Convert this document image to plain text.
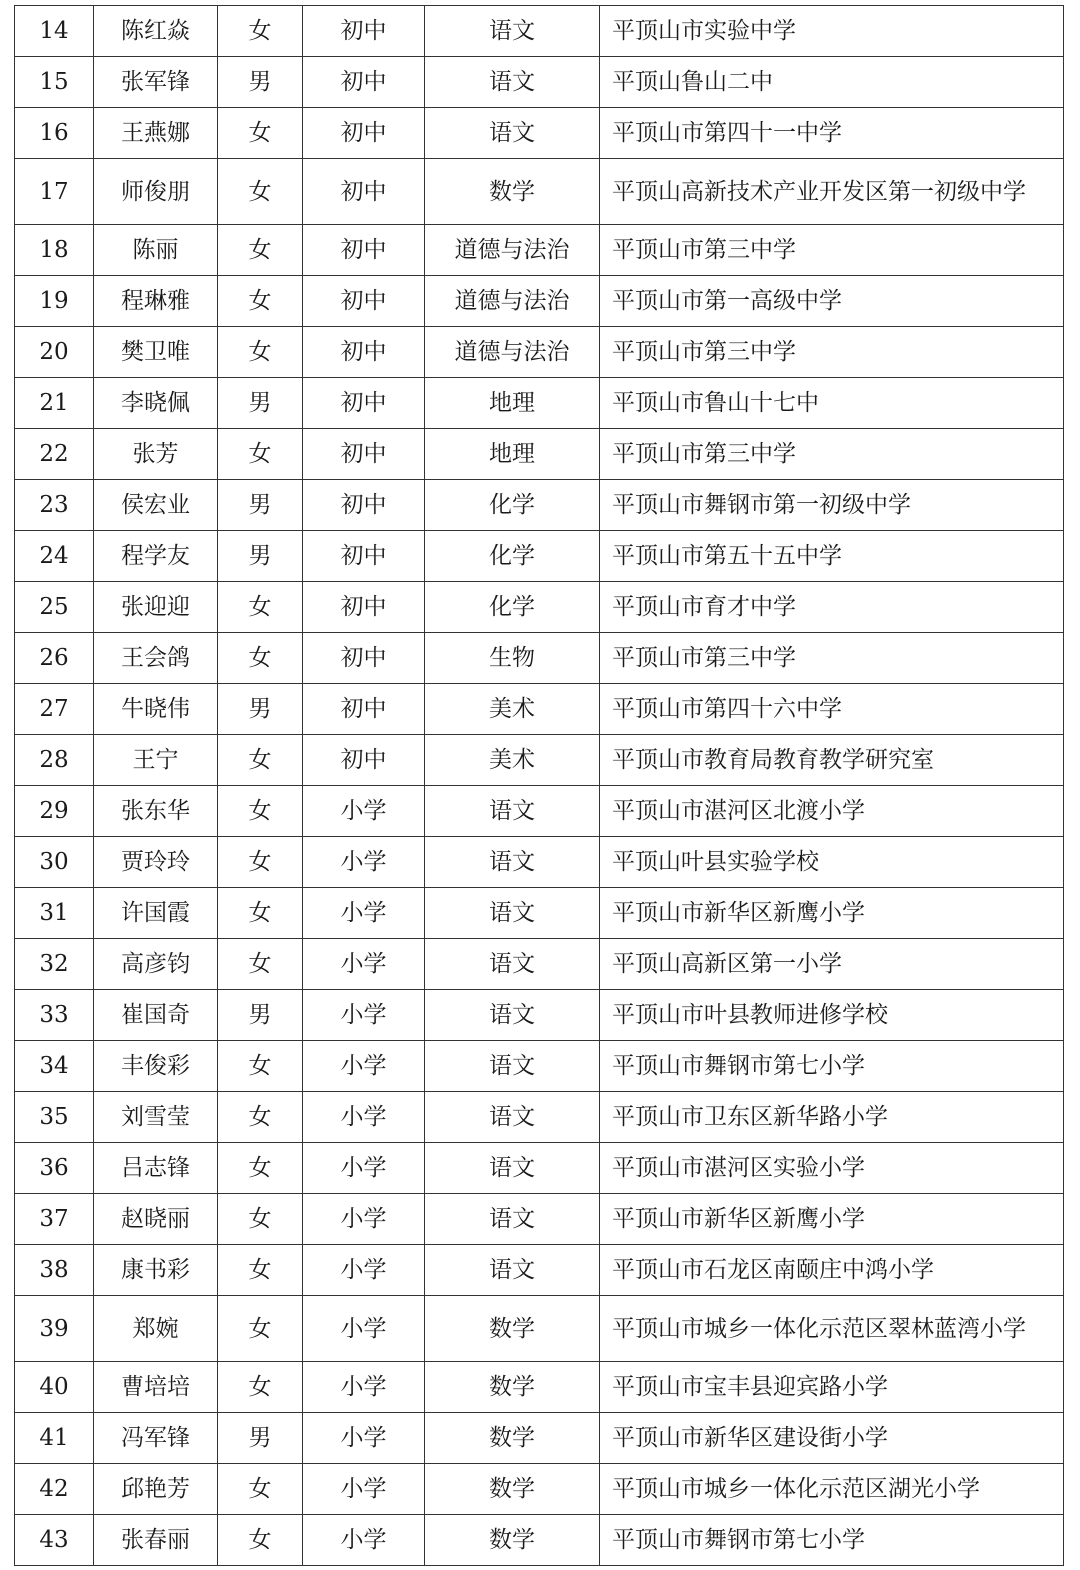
14	陈红焱	女	初中	语文	平顶山市实验中学
15	张军锋	男	初中	语文	平顶山鲁山二中
16	王燕娜	女	初中	语文	平顶山市第四十一中学
17	师俊朋	女	初中	数学	平顶山高新技术产业开发区第一初级中学
18	陈丽	女	初中	道德与法治	平顶山市第三中学
19	程琳雅	女	初中	道德与法治	平顶山市第一高级中学
20	樊卫唯	女	初中	道德与法治	平顶山市第三中学
21	李晓佩	男	初中	地理	平顶山市鲁山十七中
22	张芳	女	初中	地理	平顶山市第三中学
23	侯宏业	男	初中	化学	平顶山市舞钢市第一初级中学
24	程学友	男	初中	化学	平顶山市第五十五中学
25	张迎迎	女	初中	化学	平顶山市育才中学
26	王会鸽	女	初中	生物	平顶山市第三中学
27	牛晓伟	男	初中	美术	平顶山市第四十六中学
28	王宁	女	初中	美术	平顶山市教育局教育教学研究室
29	张东华	女	小学	语文	平顶山市湛河区北渡小学
30	贾玲玲	女	小学	语文	平顶山叶县实验学校
31	许国霞	女	小学	语文	平顶山市新华区新鹰小学
32	高彦钧	女	小学	语文	平顶山高新区第一小学
33	崔国奇	男	小学	语文	平顶山市叶县教师进修学校
34	丰俊彩	女	小学	语文	平顶山市舞钢市第七小学
35	刘雪莹	女	小学	语文	平顶山市卫东区新华路小学
36	吕志锋	女	小学	语文	平顶山市湛河区实验小学
37	赵晓丽	女	小学	语文	平顶山市新华区新鹰小学
38	康书彩	女	小学	语文	平顶山市石龙区南颐庄中鸿小学
39	郑婉	女	小学	数学	平顶山市城乡一体化示范区翠林蓝湾小学
40	曹培培	女	小学	数学	平顶山市宝丰县迎宾路小学
41	冯军锋	男	小学	数学	平顶山市新华区建设街小学
42	邱艳芳	女	小学	数学	平顶山市城乡一体化示范区湖光小学
43	张春丽	女	小学	数学	平顶山市舞钢市第七小学
